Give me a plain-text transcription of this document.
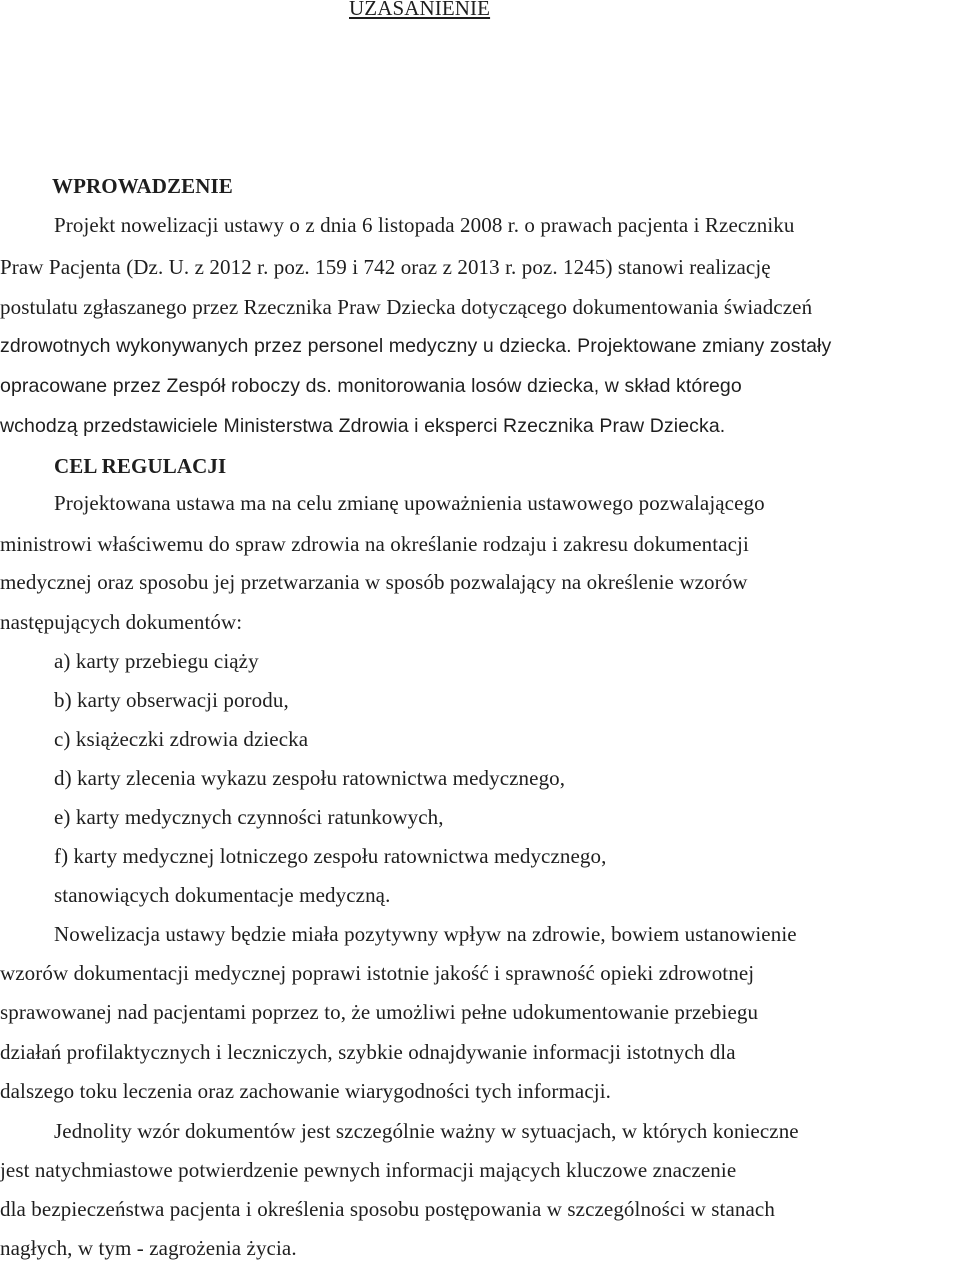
UZASANIENIE
WPROWADZENIE
Projekt nowelizacji ustawy o z dnia 6 listopada 2008 r. o prawach pacjenta i Rzeczniku
Praw Pacjenta (Dz. U. z 2012 r. poz. 159 i 742 oraz z 2013 r. poz. 1245) stanowi realizację
postulatu zgłaszanego przez Rzecznika Praw Dziecka dotyczącego dokumentowania świadczeń
zdrowotnych wykonywanych przez personel medyczny u dziecka. Projektowane zmiany zostały
opracowane przez Zespół roboczy ds. monitorowania losów dziecka, w skład którego
wchodzą przedstawiciele Ministerstwa Zdrowia i eksperci Rzecznika Praw Dziecka.
CEL REGULACJI
Projektowana ustawa ma na celu zmianę upoważnienia ustawowego pozwalającego
ministrowi właściwemu do spraw zdrowia na określanie rodzaju i zakresu dokumentacji
medycznej oraz sposobu jej przetwarzania w sposób pozwalający na określenie wzorów
następujących dokumentów:
a) karty przebiegu ciąży
b) karty obserwacji porodu,
c) książeczki zdrowia dziecka
d) karty zlecenia wykazu zespołu ratownictwa medycznego,
e) karty medycznych czynności ratunkowych,
f) karty medycznej lotniczego zespołu ratownictwa medycznego,
stanowiących dokumentacje medyczną.
Nowelizacja ustawy będzie miała pozytywny wpływ na zdrowie, bowiem ustanowienie
wzorów dokumentacji medycznej poprawi istotnie jakość i sprawność opieki zdrowotnej
sprawowanej nad pacjentami poprzez to, że umożliwi pełne udokumentowanie przebiegu
działań profilaktycznych i leczniczych, szybkie odnajdywanie informacji istotnych dla
dalszego toku leczenia oraz zachowanie wiarygodności tych informacji.
Jednolity wzór dokumentów jest szczególnie ważny w sytuacjach, w których konieczne
jest natychmiastowe potwierdzenie pewnych informacji mających kluczowe znaczenie
dla bezpieczeństwa pacjenta i określenia sposobu postępowania w szczególności w stanach
nagłych, w tym - zagrożenia życia.
